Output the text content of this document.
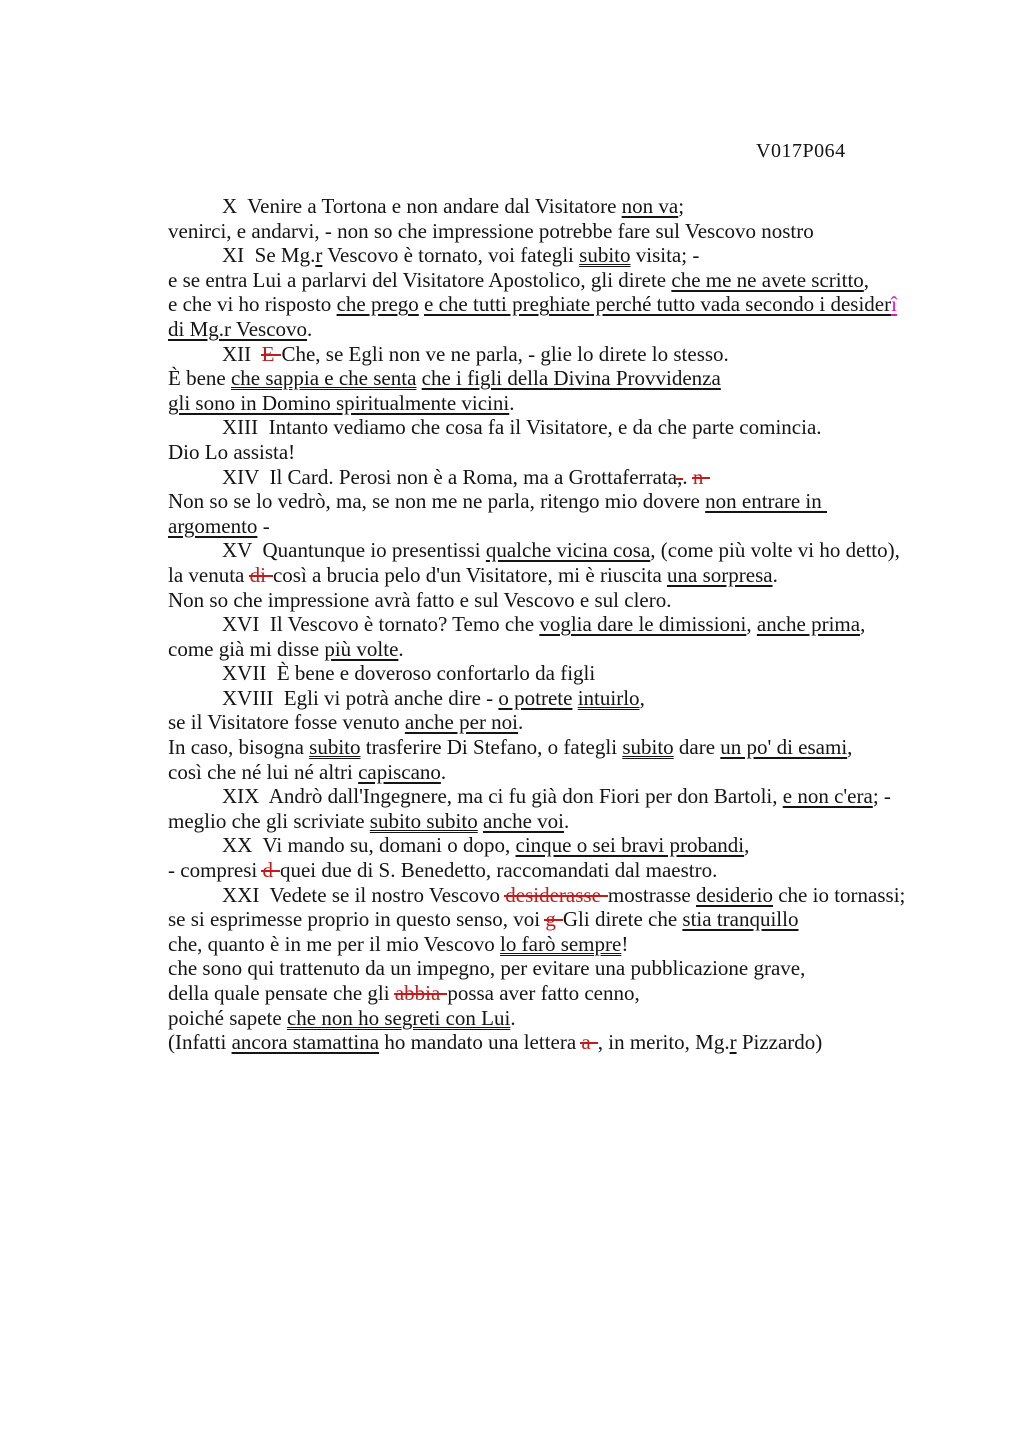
V017P064
X  Venire a Tortona e non andare dal Visitatore non va;
venirci, e andarvi, - non so che impressione potrebbe fare sul Vescovo nostro
XI  Se Mg.r Vescovo è tornato, voi fategli subito visita; -
e se entra Lui a parlarvi del Visitatore Apostolico, gli direte che me ne avete scritto,
e che vi ho risposto che prego e che tutti preghiate perché tutto vada secondo i desiderî
di Mg.r Vescovo.
XII  E Che, se Egli non ve ne parla, - glie lo direte lo stesso.
È bene che sappia e che senta che i figli della Divina Provvidenza
gli sono in Domino spiritualmente vicini.
XIII  Intanto vediamo che cosa fa il Visitatore, e da che parte comincia.
Dio Lo assista!
XIV  Il Card. Perosi non è a Roma, ma a Grottaferrata,. n
Non so se lo vedrò, ma, se non me ne parla, ritengo mio dovere non entrare in
argomento -
XV  Quantunque io presentissi qualche vicina cosa, (come più volte vi ho detto),
la venuta di così a brucia pelo d'un Visitatore, mi è riuscita una sorpresa.
Non so che impressione avrà fatto e sul Vescovo e sul clero.
XVI  Il Vescovo è tornato? Temo che voglia dare le dimissioni, anche prima,
come già mi disse più volte.
XVII  È bene e doveroso confortarlo da figli
XVIII  Egli vi potrà anche dire - o potrete intuirlo,
se il Visitatore fosse venuto anche per noi.
In caso, bisogna subito trasferire Di Stefano, o fategli subito dare un po' di esami,
così che né lui né altri capiscano.
XIX  Andrò dall'Ingegnere, ma ci fu già don Fiori per don Bartoli, e non c'era; -
meglio che gli scriviate subito subito anche voi.
XX  Vi mando su, domani o dopo, cinque o sei bravi probandi,
- compresi d quei due di S. Benedetto, raccomandati dal maestro.
XXI  Vedete se il nostro Vescovo desiderasse mostrasse desiderio che io tornassi;
se si esprimesse proprio in questo senso, voi g Gli direte che stia tranquillo
che, quanto è in me per il mio Vescovo lo farò sempre!
che sono qui trattenuto da un impegno, per evitare una pubblicazione grave,
della quale pensate che gli abbia possa aver fatto cenno,
poiché sapete che non ho segreti con Lui.
(Infatti ancora stamattina ho mandato una lettera a , in merito, Mg.r Pizzardo)
